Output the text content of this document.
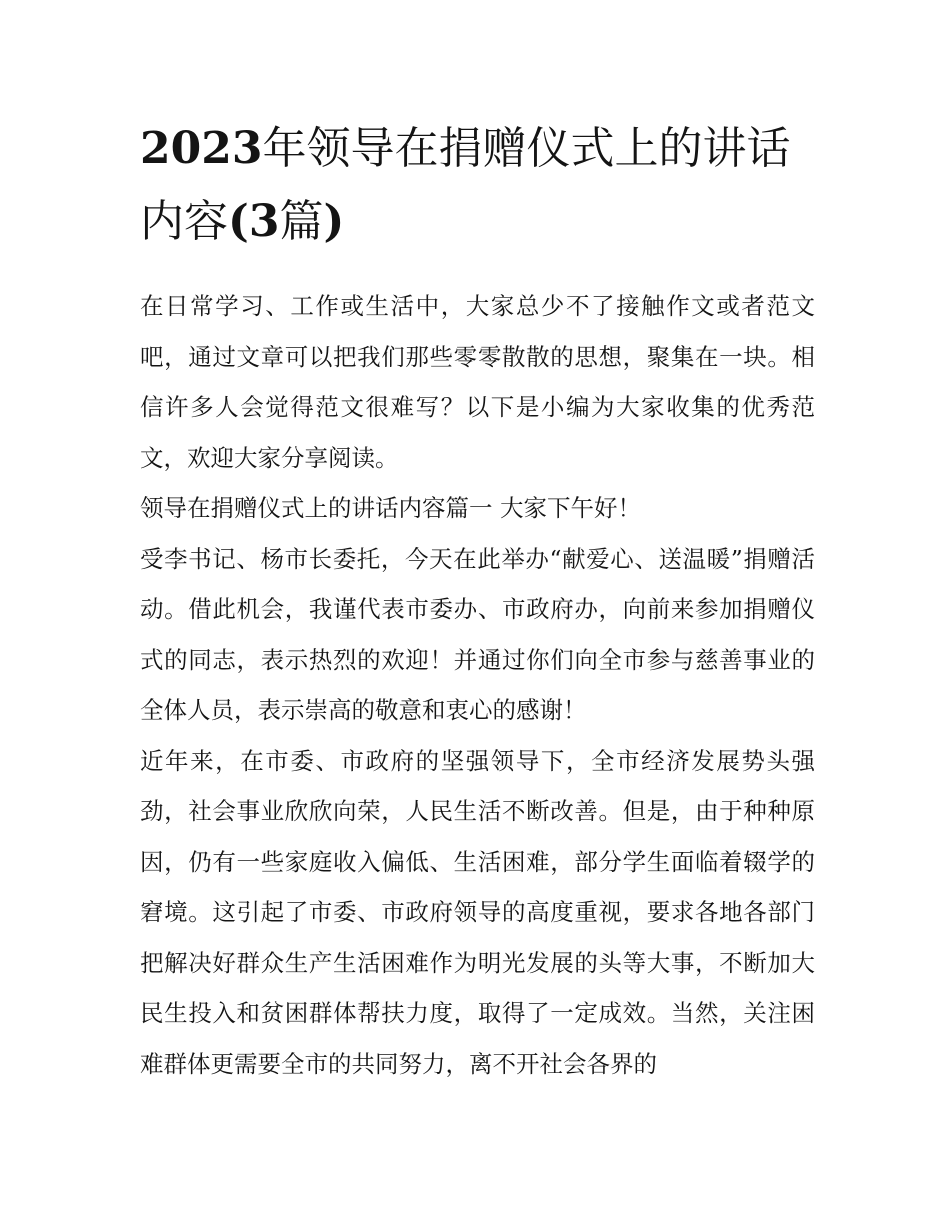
2023年领导在捐赠仪式上的讲话内容(3篇)

在日常学习、工作或生活中，大家总少不了接触作文或者范文吧，通过文章可以把我们那些零零散散的思想，聚集在一块。相信许多人会觉得范文很难写？以下是小编为大家收集的优秀范文，欢迎大家分享阅读。

领导在捐赠仪式上的讲话内容篇一 大家下午好！

受李书记、杨市长委托，今天在此举办“献爱心、送温暖”捐赠活动。借此机会，我谨代表市委办、市政府办，向前来参加捐赠仪式的同志，表示热烈的欢迎！并通过你们向全市参与慈善事业的全体人员，表示崇高的敬意和衷心的感谢！

近年来，在市委、市政府的坚强领导下，全市经济发展势头强劲，社会事业欣欣向荣，人民生活不断改善。但是，由于种种原因，仍有一些家庭收入偏低、生活困难，部分学生面临着辍学的窘境。这引起了市委、市政府领导的高度重视，要求各地各部门把解决好群众生产生活困难作为明光发展的头等大事，不断加大民生投入和贫困群体帮扶力度，取得了一定成效。当然，关注困难群体更需要全市的共同努力，离不开社会各界的
